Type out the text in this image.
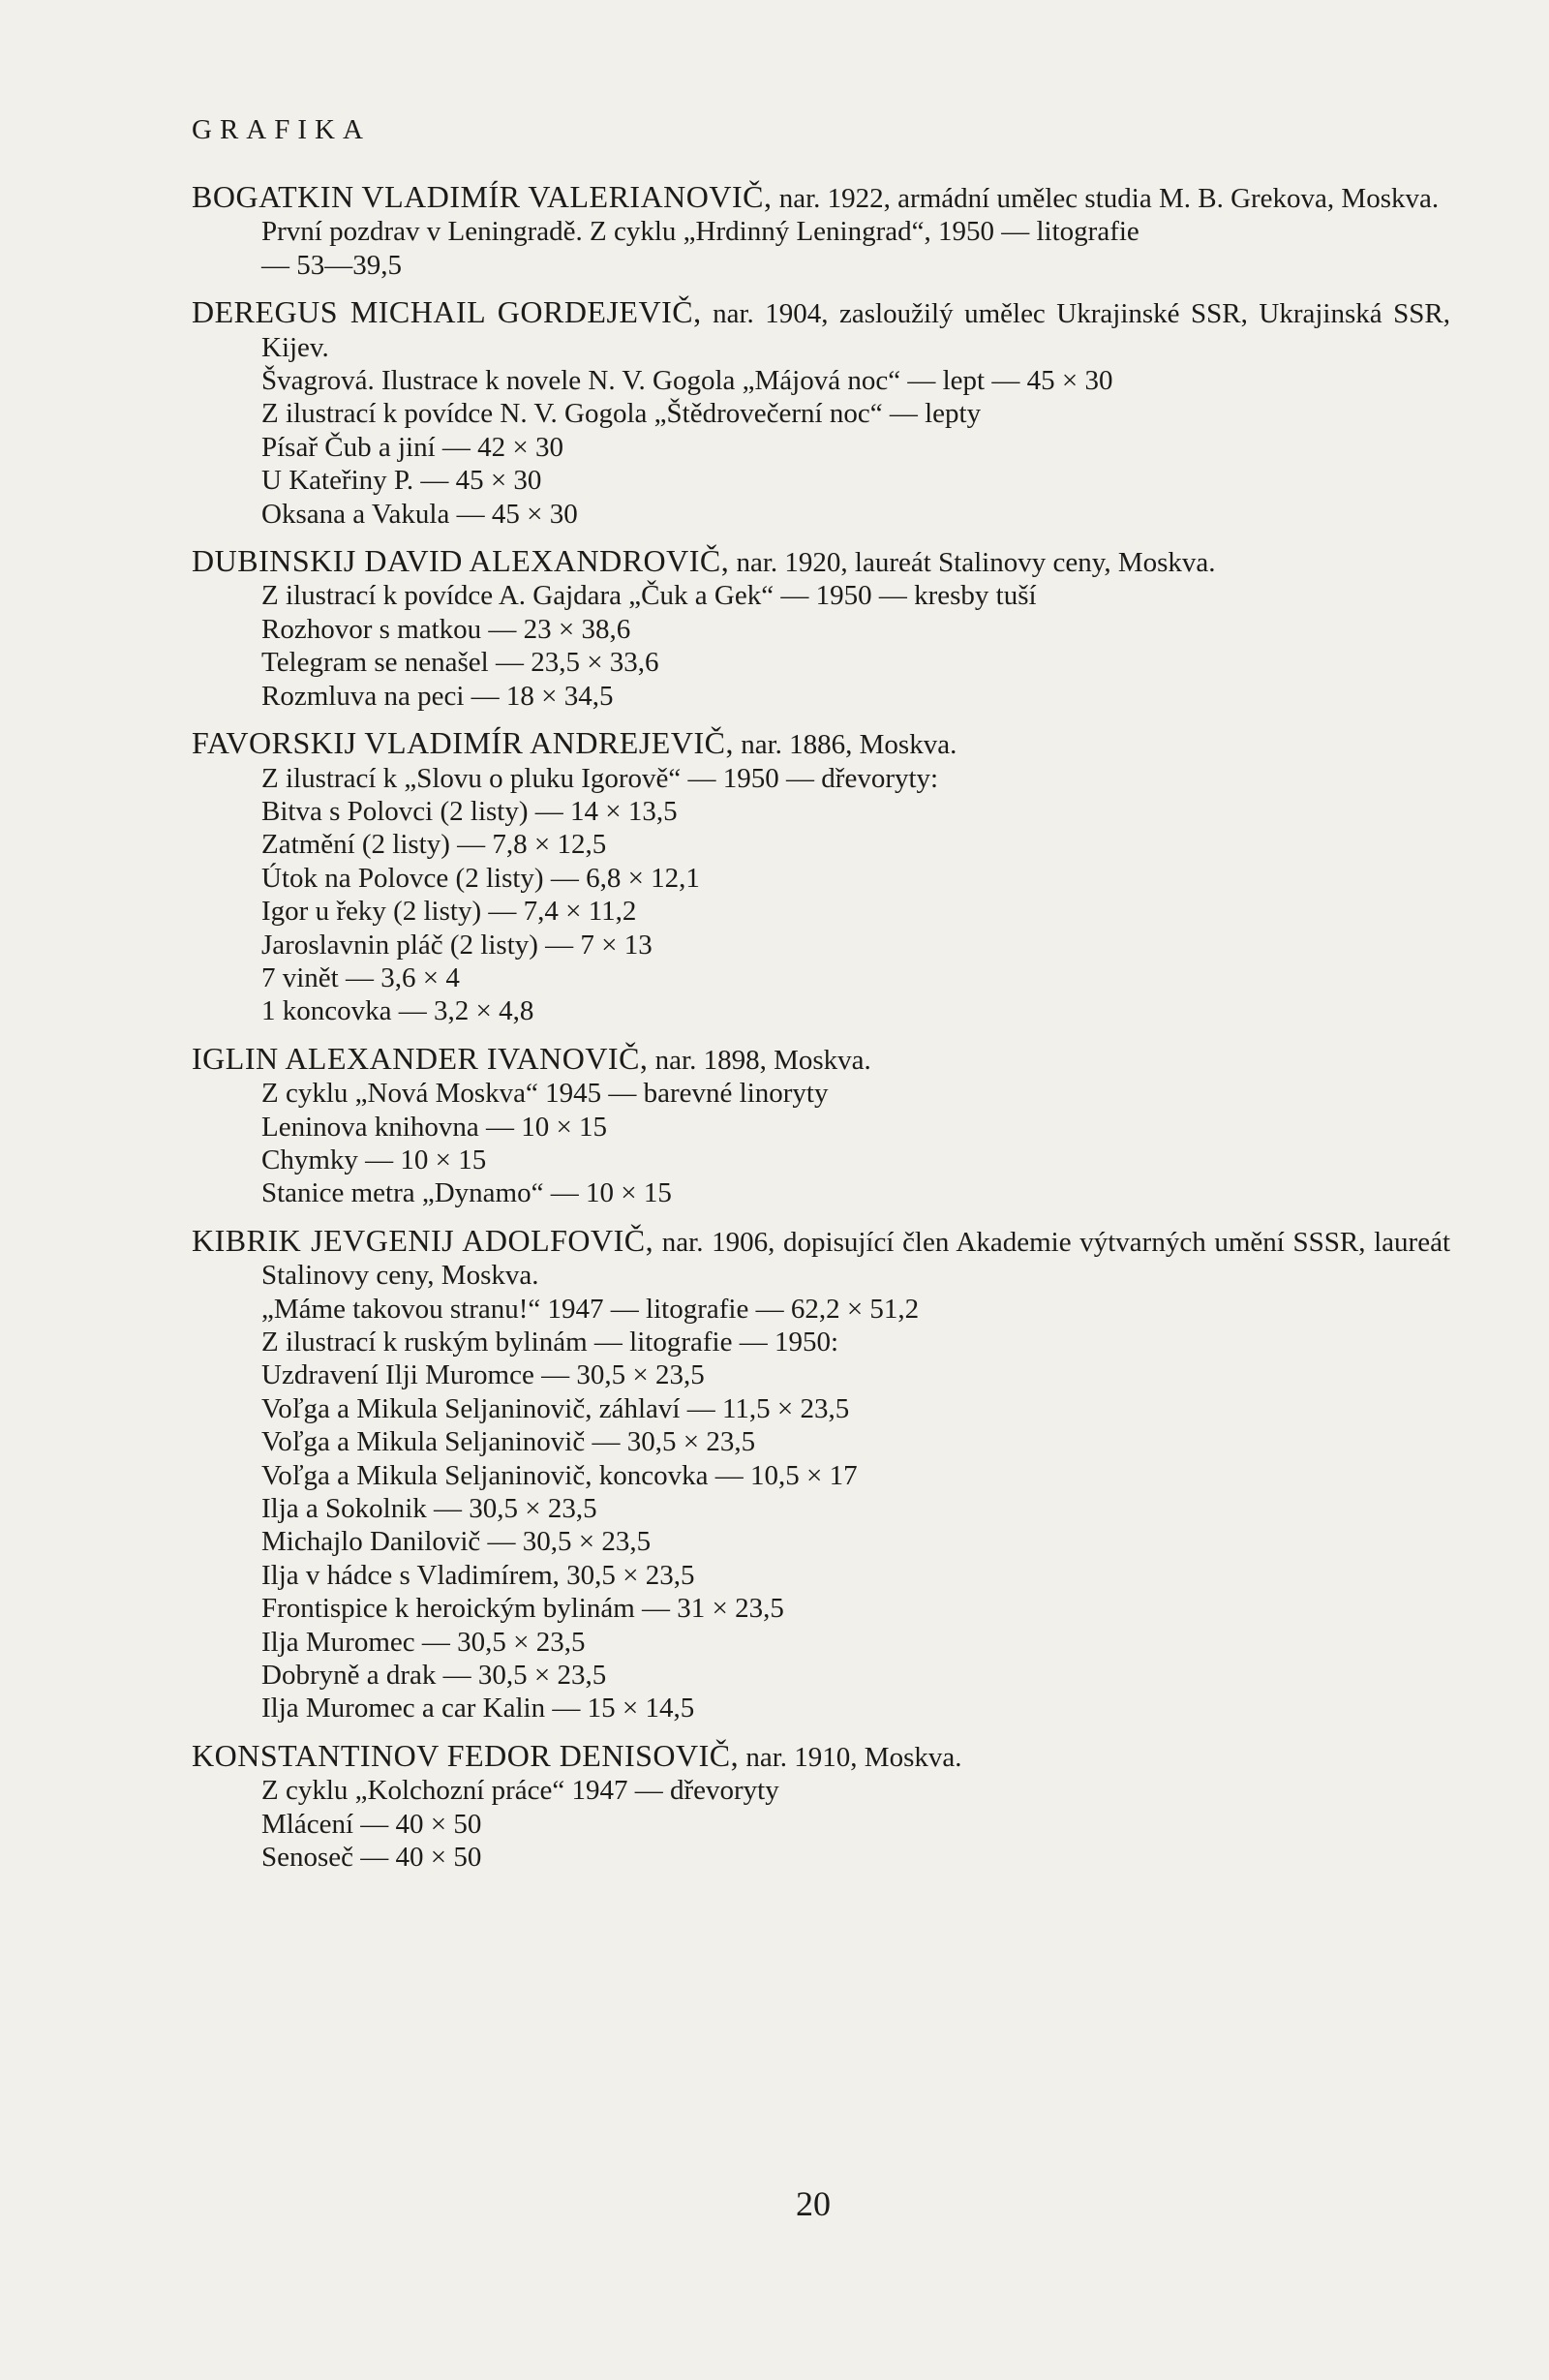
GRAFIKA
BOGATKIN VLADIMÍR VALERIANOVIČ, nar. 1922, armádní umělec studia M. B. Grekova, Moskva.
První pozdrav v Leningradě. Z cyklu „Hrdinný Leningrad“, 1950 — litografie
— 53—39,5
DEREGUS MICHAIL GORDEJEVIČ, nar. 1904, zasloužilý umělec Ukrajinské SSR, Ukrajinská SSR, Kijev.
Švagrová. Ilustrace k novele N. V. Gogola „Májová noc“ — lept — 45 × 30
Z ilustrací k povídce N. V. Gogola „Štědrovečerní noc“ — lepty
Písař Čub a jiní — 42 × 30
U Kateřiny P. — 45 × 30
Oksana a Vakula — 45 × 30
DUBINSKIJ DAVID ALEXANDROVIČ, nar. 1920, laureát Stalinovy ceny, Moskva.
Z ilustrací k povídce A. Gajdara „Čuk a Gek“ — 1950 — kresby tuší
Rozhovor s matkou — 23 × 38,6
Telegram se nenašel — 23,5 × 33,6
Rozmluva na peci — 18 × 34,5
FAVORSKIJ VLADIMÍR ANDREJEVIČ, nar. 1886, Moskva.
Z ilustrací k „Slovu o pluku Igorově“ — 1950 — dřevoryty:
Bitva s Polovci (2 listy) — 14 × 13,5
Zatmění (2 listy) — 7,8 × 12,5
Útok na Polovce (2 listy) — 6,8 × 12,1
Igor u řeky (2 listy) — 7,4 × 11,2
Jaroslavnin pláč (2 listy) — 7 × 13
7 vinět — 3,6 × 4
1 koncovka — 3,2 × 4,8
IGLIN ALEXANDER IVANOVIČ, nar. 1898, Moskva.
Z cyklu „Nová Moskva“ 1945 — barevné linoryty
Leninova knihovna — 10 × 15
Chymky — 10 × 15
Stanice metra „Dynamo“ — 10 × 15
KIBRIK JEVGENIJ ADOLFOVIČ, nar. 1906, dopisující člen Akademie výtvarných umění SSSR, laureát Stalinovy ceny, Moskva.
„Máme takovou stranu!“ 1947 — litografie — 62,2 × 51,2
Z ilustrací k ruským bylinám — litografie — 1950:
Uzdravení Ilji Muromce — 30,5 × 23,5
Voľga a Mikula Seljaninovič, záhlaví — 11,5 × 23,5
Voľga a Mikula Seljaninovič — 30,5 × 23,5
Voľga a Mikula Seljaninovič, koncovka — 10,5 × 17
Ilja a Sokolnik — 30,5 × 23,5
Michajlo Danilovič — 30,5 × 23,5
Ilja v hádce s Vladimírem, 30,5 × 23,5
Frontispice k heroickým bylinám — 31 × 23,5
Ilja Muromec — 30,5 × 23,5
Dobryně a drak — 30,5 × 23,5
Ilja Muromec a car Kalin — 15 × 14,5
KONSTANTINOV FEDOR DENISOVIČ, nar. 1910, Moskva.
Z cyklu „Kolchozní práce“ 1947 — dřevoryty
Mlácení — 40 × 50
Senoseč — 40 × 50
20
